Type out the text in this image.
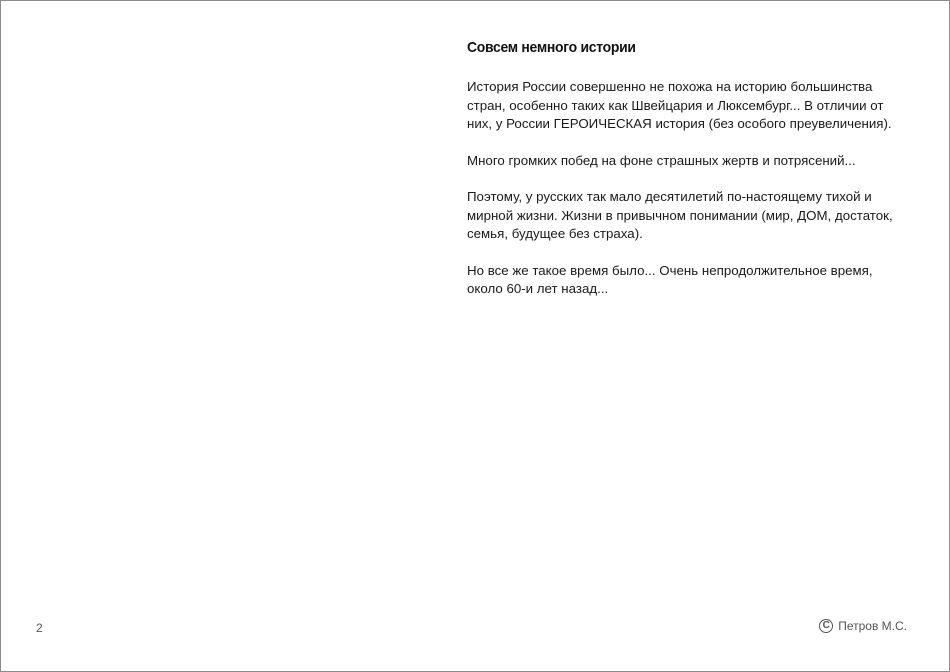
Совсем немного истории

История России совершенно не похожа на историю большинства стран, особенно таких как Швейцария и Люксембург... В отличии от них, у России ГЕРОИЧЕСКАЯ история (без особого преувеличения).

Много громких побед на фоне страшных жертв и потрясений...

Поэтому, у русских так мало десятилетий по-настоящему тихой и мирной жизни. Жизни в привычном понимании (мир, ДОМ, достаток, семья, будущее без страха).

Но все же такое время было... Очень непродолжительное время, около 60-и лет назад...

2	C Петров М.С.
